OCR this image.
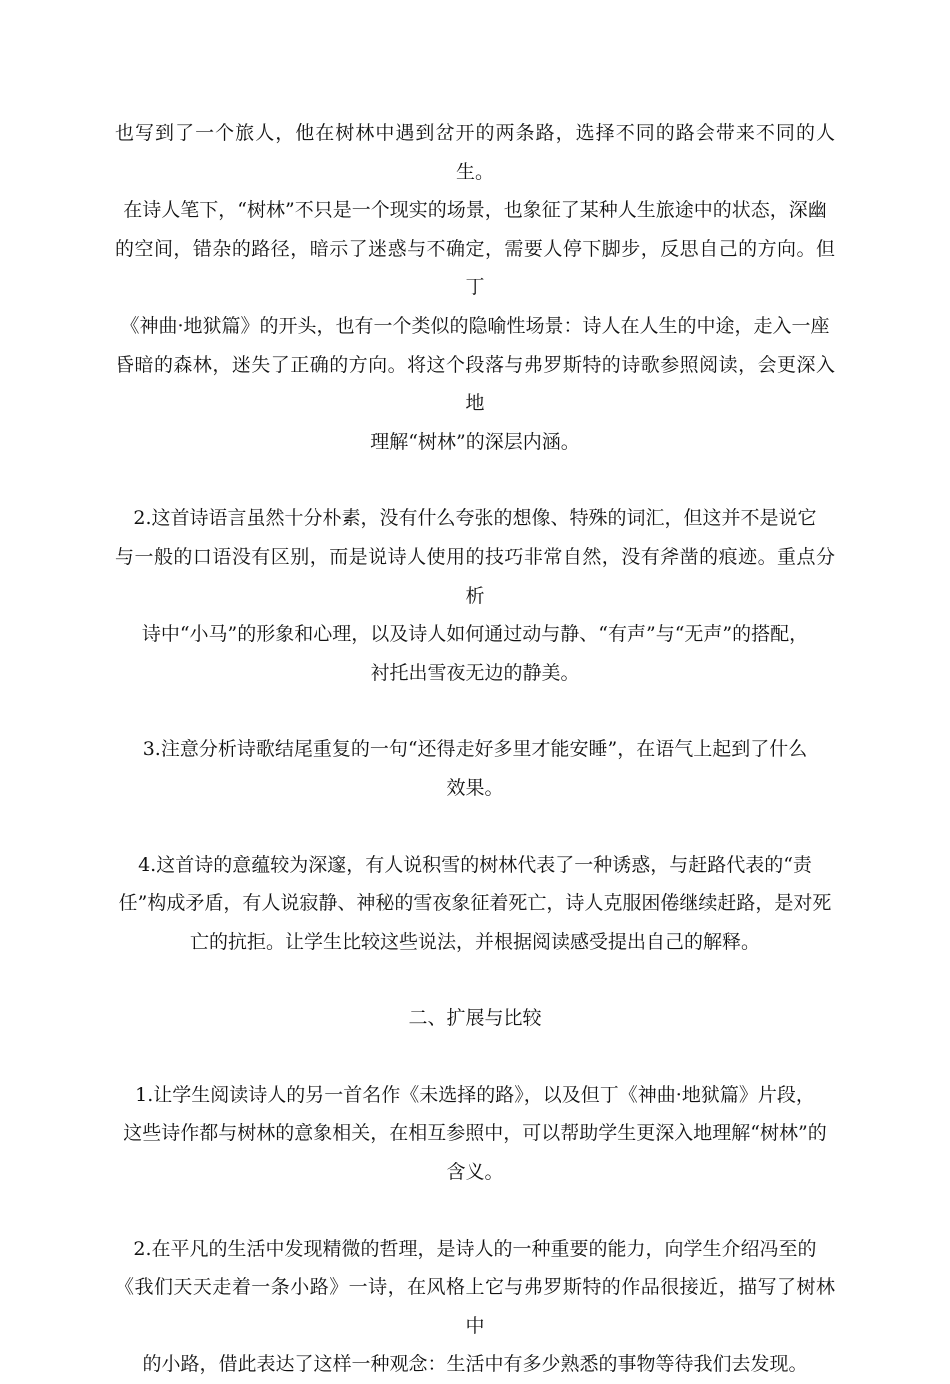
也写到了一个旅人，他在树林中遇到岔开的两条路，选择不同的路会带来不同的人生。
在诗人笔下，“树林”不只是一个现实的场景，也象征了某种人生旅途中的状态，深幽
的空间，错杂的路径，暗示了迷惑与不确定，需要人停下脚步，反思自己的方向。但丁
《神曲·地狱篇》的开头，也有一个类似的隐喻性场景：诗人在人生的中途，走入一座
昏暗的森林，迷失了正确的方向。将这个段落与弗罗斯特的诗歌参照阅读，会更深入地
理解“树林”的深层内涵。

2.这首诗语言虽然十分朴素，没有什么夸张的想像、特殊的词汇，但这并不是说它
与一般的口语没有区别，而是说诗人使用的技巧非常自然，没有斧凿的痕迹。重点分析
诗中“小马”的形象和心理，以及诗人如何通过动与静、“有声”与“无声”的搭配，
衬托出雪夜无边的静美。

3.注意分析诗歌结尾重复的一句“还得走好多里才能安睡”，在语气上起到了什么
效果。

4.这首诗的意蕴较为深邃，有人说积雪的树林代表了一种诱惑，与赶路代表的“责
任”构成矛盾，有人说寂静、神秘的雪夜象征着死亡，诗人克服困倦继续赶路，是对死
亡的抗拒。让学生比较这些说法，并根据阅读感受提出自己的解释。

二、扩展与比较

1.让学生阅读诗人的另一首名作《未选择的路》，以及但丁《神曲·地狱篇》片段，
这些诗作都与树林的意象相关，在相互参照中，可以帮助学生更深入地理解“树林”的
含义。

2.在平凡的生活中发现精微的哲理，是诗人的一种重要的能力，向学生介绍冯至的
《我们天天走着一条小路》一诗，在风格上它与弗罗斯特的作品很接近，描写了树林中
的小路，借此表达了这样一种观念：生活中有多少熟悉的事物等待我们去发现。
